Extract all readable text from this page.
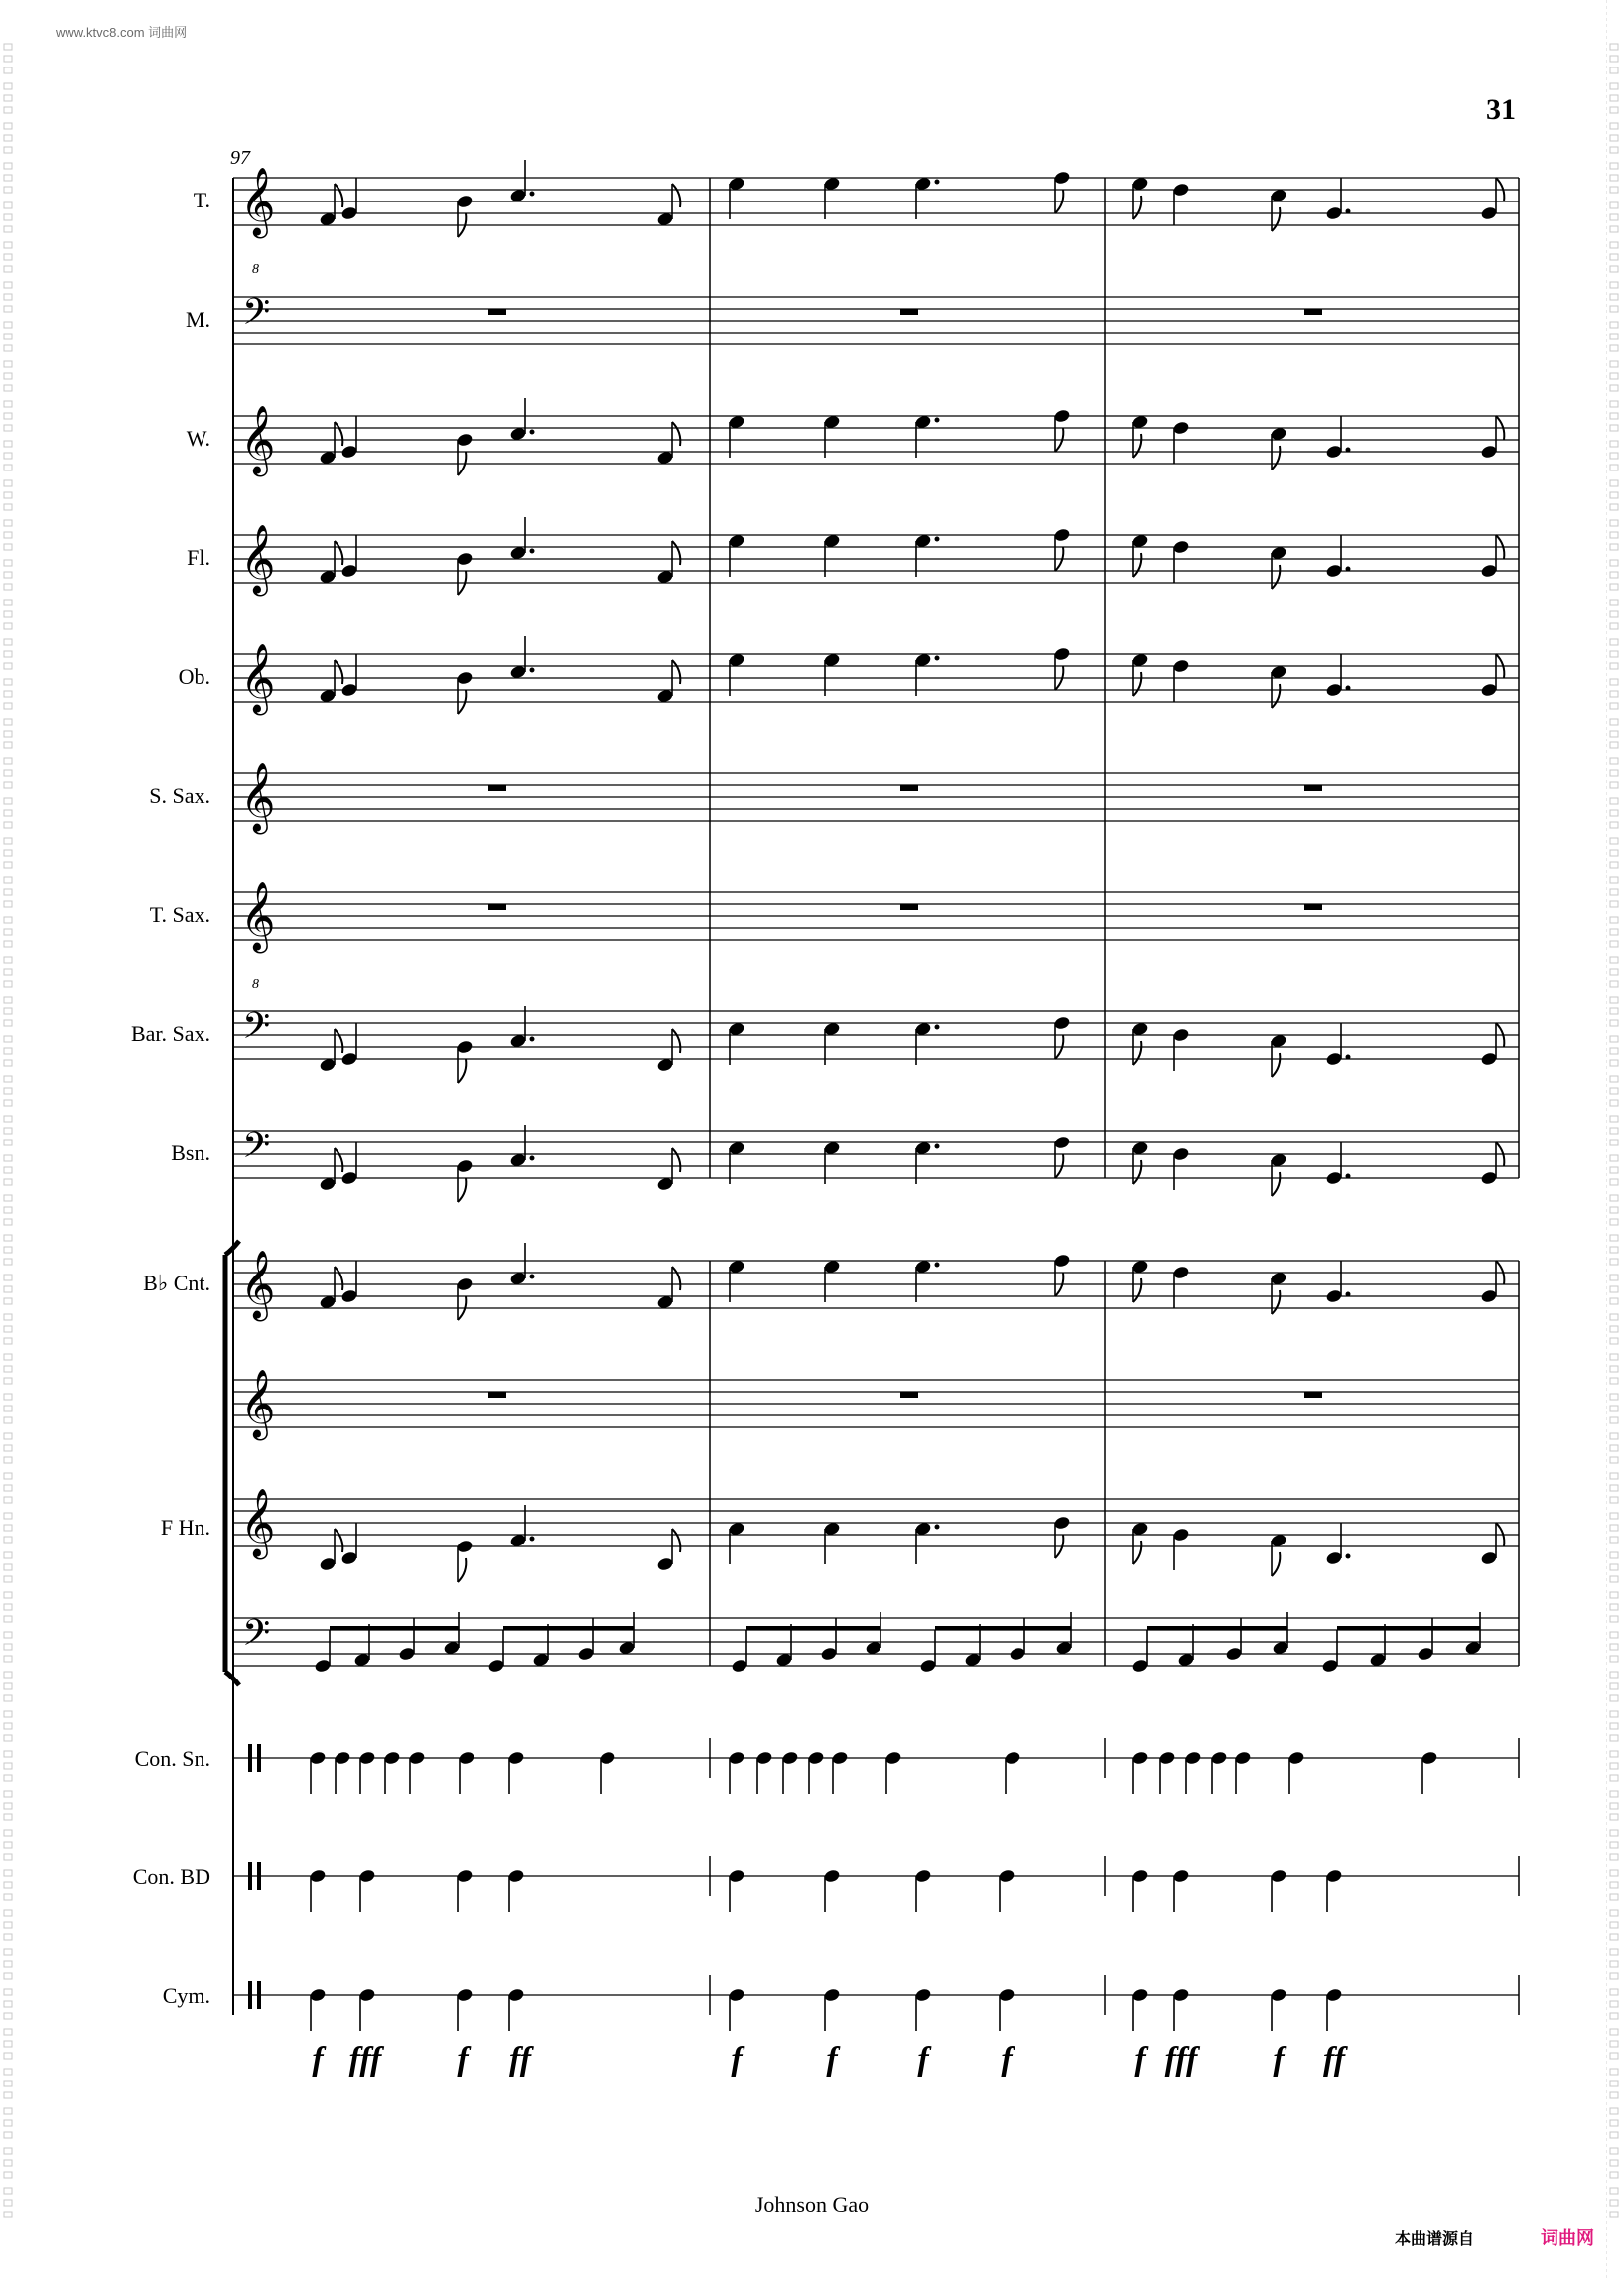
www.ktvc8.com 词曲网
31
T. 𝄞
8
M. 𝄢
W. 𝄞
Fl. 𝄞
Ob. 𝄞
S. Sax. 𝄞
T. Sax. 𝄞
8
Bar. Sax. 𝄢
Bsn. 𝄢
B♭ Cnt. 𝄞
𝄞
F Hn. 𝄞
𝄢
Con. Sn.
Con. BD
Cym.
f fff f ff	f f f f	f fff f ff
97
Johnson Gao
本曲谱源自	词曲网
